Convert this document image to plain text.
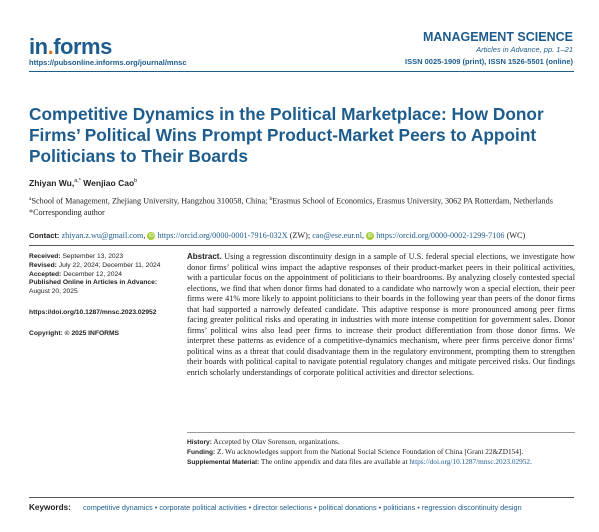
in.forms
https://pubsonline.informs.org/journal/mnsc
MANAGEMENT SCIENCE
Articles in Advance, pp. 1–21
ISSN 0025-1909 (print), ISSN 1526-5501 (online)
Competitive Dynamics in the Political Marketplace: How Donor Firms’ Political Wins Prompt Product-Market Peers to Appoint Politicians to Their Boards
Zhiyan Wu,$^{a,*}$ Wenjiao Cao$^b$
$^a$School of Management, Zhejiang University, Hangzhou 310058, China; $^b$Erasmus School of Economics, Erasmus University, 3062 PA Rotterdam, Netherlands
*Corresponding author
Contact: zhiyan.z.wu@gmail.com, iD https://orcid.org/0000-0001-7916-032X (ZW); cao@ese.eur.nl, iD https://orcid.org/0000-0002-1299-7106 (WC)
Received: September 13, 2023
Revised: July 22, 2024; December 11, 2024
Accepted: December 12, 2024
Published Online in Articles in Advance:
August 20, 2025
https://doi.org/10.1287/mnsc.2023.02952
Copyright: © 2025 INFORMS
Abstract. Using a regression discontinuity design in a sample of U.S. federal special elections, we investigate how donor firms’ political wins impact the adaptive responses of their product-market peers in their political activities, with a particular focus on the appointment of politicians to their boardrooms. By analyzing closely contested special elections, we find that when donor firms had donated to a candidate who narrowly won a special election, their peer firms were 41% more likely to appoint politicians to their boards in the following year than peers of the donor firms that had supported a narrowly defeated candidate. This adaptive response is more pronounced among peer firms facing greater political risks and operating in industries with more intense competition for government sales. Donor firms’ political wins also lead peer firms to increase their product differentiation from those donor firms. We interpret these patterns as evidence of a competitive-dynamics mechanism, where peer firms perceive donor firms’ political wins as a threat that could disadvantage them in the regulatory environment, prompting them to strengthen their boards with political capital to navigate potential regulatory changes and mitigate perceived risks. Our findings enrich scholarly understandings of corporate political activities and director selections.
History: Accepted by Olav Sorenson, organizations.
Funding: Z. Wu acknowledges support from the National Social Science Foundation of China [Grant 22&ZD154].
Supplemental Material: The online appendix and data files are available at https://doi.org/10.1287/mnsc.2023.02952.
Keywords: competitive dynamics • corporate political activities • director selections • political donations • politicians • regression discontinuity design
